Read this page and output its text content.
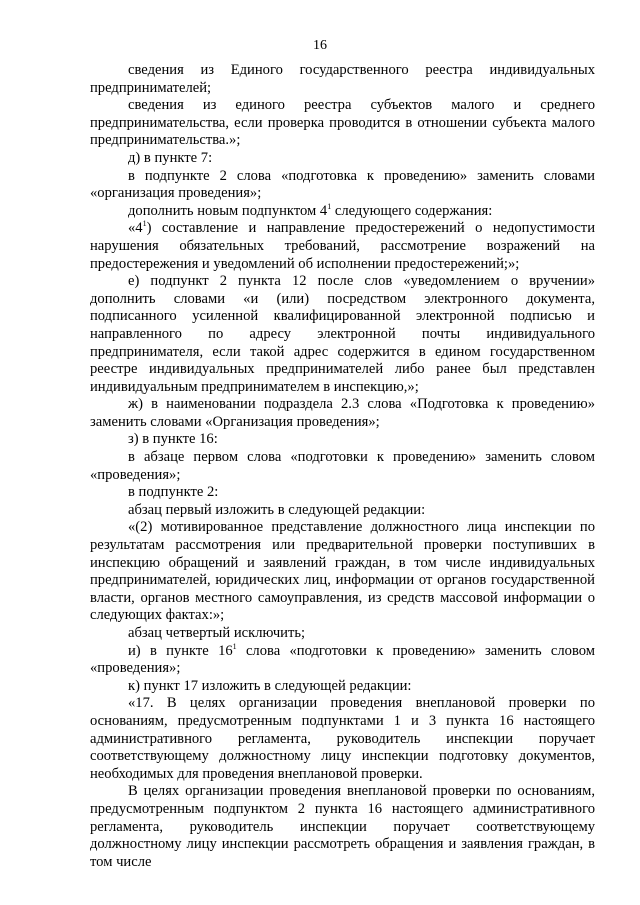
16

сведения из Единого государственного реестра индивидуальных предпринимателей;

сведения из единого реестра субъектов малого и среднего предпринимательства, если проверка проводится в отношении субъекта малого предпринимательства.»;

д) в пункте 7:

в подпункте 2 слова «подготовка к проведению» заменить словами «организация проведения»;

дополнить новым подпунктом $4^1$ следующего содержания:

«$4^1$) составление и направление предостережений о недопустимости нарушения обязательных требований, рассмотрение возражений на предостережения и уведомлений об исполнении предостережений;»;

е) подпункт 2 пункта 12 после слов «уведомлением о вручении» дополнить словами «и (или) посредством электронного документа, подписанного усиленной квалифицированной электронной подписью и направленного по адресу электронной почты индивидуального предпринимателя, если такой адрес содержится в едином государственном реестре индивидуальных предпринимателей либо ранее был представлен индивидуальным предпринимателем в инспекцию,»;

ж) в наименовании подраздела 2.3 слова «Подготовка к проведению» заменить словами «Организация проведения»;

з) в пункте 16:

в абзаце первом слова «подготовки к проведению» заменить словом «проведения»;

в подпункте 2:

абзац первый изложить в следующей редакции:

«(2) мотивированное представление должностного лица инспекции по результатам рассмотрения или предварительной проверки поступивших в инспекцию обращений и заявлений граждан, в том числе индивидуальных предпринимателей, юридических лиц, информации от органов государственной власти, органов местного самоуправления, из средств массовой информации о следующих фактах:»;

абзац четвертый исключить;

и) в пункте $16^1$ слова «подготовки к проведению» заменить словом «проведения»;

к) пункт 17 изложить в следующей редакции:

«17. В целях организации проведения внеплановой проверки по основаниям, предусмотренным подпунктами 1 и 3 пункта 16 настоящего административного регламента, руководитель инспекции поручает соответствующему должностному лицу инспекции подготовку документов, необходимых для проведения внеплановой проверки.

В целях организации проведения внеплановой проверки по основаниям, предусмотренным подпунктом 2 пункта 16 настоящего административного регламента, руководитель инспекции поручает соответствующему должностному лицу инспекции рассмотреть обращения и заявления граждан, в том числе
